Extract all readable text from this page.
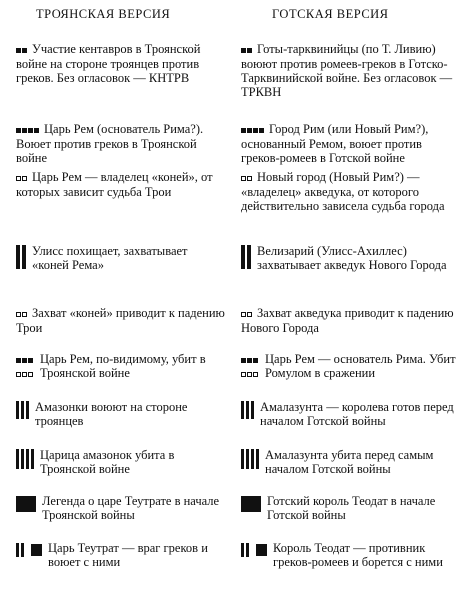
ТРОЯНСКАЯ ВЕРСИЯ	ГОТСКАЯ ВЕРСИЯ
Участие кентавров в Троянской войне на стороне троянцев против греков. Без огласовок — КНТРВ
Готы-тарквинийцы (по Т. Ливию) воюют против ромеев-греков в Готско-Тарквинийской войне. Без огласовок — ТРКВН
Царь Рем (основатель Рима?). Воюет против греков в Троянской войне
Город Рим (или Новый Рим?), основанный Ремом, воюет против греков-ромеев в Готской войне
Царь Рем — владелец «коней», от которых зависит судьба Трои
Новый город (Новый Рим?) — «владелец» акведука, от которого действительно зависела судьба города
Улисс похищает, захватывает «коней Рема»
Велизарий (Улисс-Ахиллес) захватывает акведук Нового Города
Захват «коней» приводит к падению Трои
Захват акведука приводит к падению Нового Города

Царь Рем, по-видимому, убит в Троянской войне

Царь Рем — основатель Рима. Убит Ромулом в сражении
Амазонки воюют на стороне троянцев
Амалазунта — королева готов перед началом Готской войны
Царица амазонок убита в Троянской войне
Амалазунта убита перед самым началом Готской войны
Легенда о царе Теутрате в начале Троянской войны
Готский король Теодат в начале Готской войны
Царь Теутрат — враг греков и воюет с ними
Король Теодат — противник греков-ромеев и борется с ними
